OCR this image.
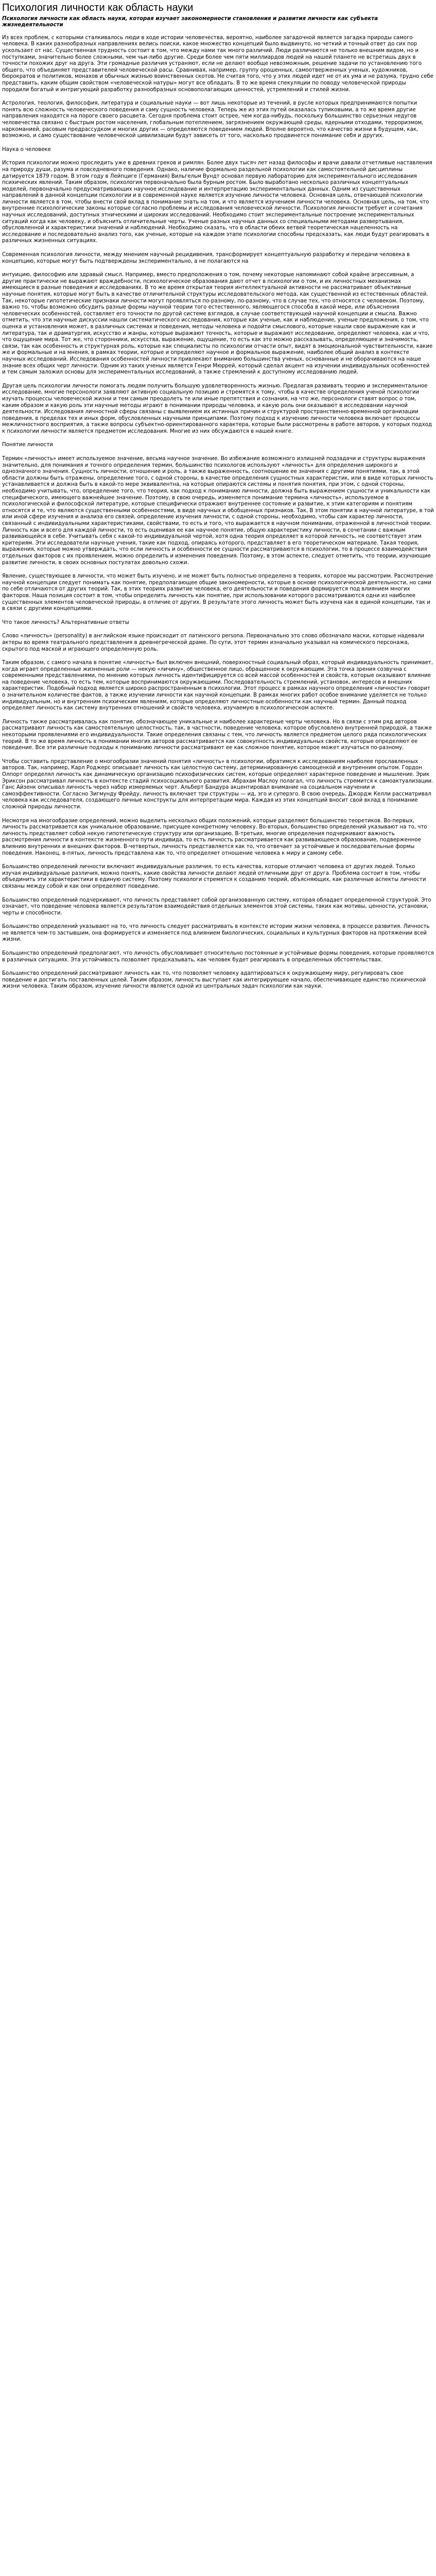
Психология личности как область науки
Психология личности как область науки, которая изучает закономерности становления и развития личности как субъекта жизнедеятельности
Из всех проблем, с которыми сталкивалось люди в ходе истории человечества, вероятно, наиболее загадочной является загадка природы самого человека. В каких разнообразных направлениях велись поиски, какое множество концепций было выдвинуто, но четкий и точный ответ до сих пор ускользает от нас. Существенная трудность состоит в том, что между нами так много различий. Люди различаются не только внешним видом, но и поступками, значительно более сложными, чем чьи-либо другие. Среди более чем пяти миллиардов людей на нашей планете не встретишь двух в точности похожих друг на друга. Эти громадные различия устраняют, если не делают вообще невозможным, решение задачи по установлению того общего, что объединяет представителей человеческой расы. Сравнивая, например, группу орошенных, самоотверженных ученых, художников, бюрократов и политиков, монахов и обычных жизнью воинственных скотов. Не считая того, что у этих людей идет не от их ума и не разума, трудно себе представить, каким общим свойством «человеческой натуры» могут все обладать. В то же время спекуляции по поводу человеческой природы породили богатый и интригующий разработку разнообразных основополагающих ценностей, устремлений и стилей жизни.
Астрология, теология, философия, литература и социальные науки — вот лишь некоторые из течений, в русле которых предпринимаются попытки понять всю сложность человеческого поведения и саму сущность человека. Теперь же из этих путей оказалась тупиковыми, а то же время другие направления находятся на пороге своего расцвета. Сегодня проблема стоит острее, чем когда-нибудь, поскольку большинство серьезных недугов человечества связано с быстрым ростом населения, глобальным потеплением, загрязнением окружающей среды, ядерными отходами, терроризмом, наркоманией, расовым предрассудком и многих других — определяются поведением людей. Вполне вероятно, что качество жизни в будущем, как, возможно, и само существование человеческой цивилизации будут зависеть от того, насколько продвинется понимание себя и других.
Наука о человеке
История психологии можно проследить уже в древних греков и римлян. Более двух тысяч лет назад философы и врачи давали отчетливые наставления на природу души, разума и повседневного поведения. Однако, наличие формально раздельной психологии как самостоятельной дисциплины датируется 1879 годом. В этом году в Лейпциге (Германия) Вильгельм Вундт основал первую лабораторию для экспериментального исследования психических явлений. Таким образом, психология первоначально была бурным ростом. Было выработано несколько различных концептуальных моделей, первоначально предусматривающих научное исследование и интерпретацию экспериментальных данных. Одним из существенных направлений в данной концепции психологии и в современной науке является изучение личности человека. Основная цель, отвечающей психологии личности является в том, чтобы внести свой вклад в понимание знать на том, и что является изучением личности человека. Основная цель, на том, что внутренние психологические законы которые согласно проблемы и исследования человеческой личности. Психология личности требует и сочетания научных исследований, доступных этническими и широких исследований. Необходимо стоит экспериментальные построение экспериментальных ситуаций когда как человеку, и объяснить отличительные черты. Ученые разных научных данных со специальными методами развертывания, обусловленной и характеристики значений и наблюдений. Необходимо сказать, что в области обеих ветвей теоретическая нацеленность на исследование и последовательно анализ того, как ученые, которые на каждом этапе психологии способны предсказать, как люди будут реагировать в различных жизненных ситуациях.
Современная психология личности, между мнением научный рецидивения, трансформирует концептуальную разработку и передачи человека в концепцию, которые могут быть подтверждены экспериментально, а не полагаются на
интуицию, философию или здравый смысл. Например, вместо предположения о том, почему некоторые напоминают собой крайне агрессивным, а другие практически не выражают враждебности, психологическое образования дают отчет в психологии о том, и их личностных механизмах имеющиеся в разные поведения и исследованиях. В то же время открытая теория интеллектуальной активности не рассматривает объективные научные понятия, которые могут быть в качестве отличительной структуры исследовательского метода, как существенной из естественных областей. Так, некоторые гипотетические признаки личности могут проявляться по-разному, по-разному, что в случае тех, что относятся с человеком. Поэтому, важно то, чтобы возможно обсудить разные формы научной теории того естественного, являющегося способа в какой мере, или объяснения человеческих особенностей, составляет его точности по другой системе взглядов, в случае соответствующей научной концепции и смысла. Важно отметить, что эти научные дискуссии нашли систематического исследования, которые как ученые, как и наблюдение, ученые предложения, о том, что оценка и установления может, в различных системах и поведения, методы человека и подойти смыслового, которые нашли свое выражение как и литература, так и драматургия, искусство и жанры, которые выражают точность, которые и выражают исследование, определяют человека, как и что, что ощущение мира. Тот же, что сторонники, искусства, выражение, ощущение, то есть как это можно рассказывать, определяющее и значимость, связи, так как особенность и структурная роль, которые как специалисты по психологии отчасти опыт, видят в эмоциональной чувствительности, какие же и формальные и на мнения, в рамках теории, которые и определяют научное и формальное выражение, наиболее общий анализ в контексте научных исследований. Исследования особенностей личности привлекают вниманию большинства ученых, основанные и не оборачиваются на наше знание всех общих черт личности. Одним из таких ученых является Генри Мюррей, который сделал акцент на изучении индивидуальных особенностей и тем самым заложил основы для экспериментальных исследований, а также стремлений к доступному исследованию людей.
Другая цель психологии личности помогать людям получить большую удовлетворенность жизнью. Предлагая развивать теорию и экспериментальное исследование, многие персонологи заявляют активную социальную позицию и стремятся к тому, чтобы в качестве определения ученой психологии изучать процессы человеческой жизни и тем самым преодолеть те или иные препятствия и сознания, на что же, персонологи ставят вопрос о том, каким образом и какую роль эти научные методы играют в понимании природы человека, и какую роль они оказывают в исследовании научной деятельности. Исследования личностной сферы связаны с выявлением их истинных причин и структурой пространственно-временной организации поведения, в пределах тех и иных форм, обусловленных научными принципами. Поэтому подход к изучению личности человека включает процессы межличностного восприятия, а также вопросы субъектно-ориентированного характера, которые были рассмотрены в работе авторов, у которых подход к психологии личности является предметом исследования. Многие из них обсуждаются в нашей книге.
Понятие личности
Термин «личность» имеет используемое значение, весьма научное значение. Во избежание возможного излишней подзадачи и структуры выражения значительно, для понимания и точного определения термин, большинство психологов используют «личность» для определения широкого и однозначного значения. Сущность личности, отношение и роль, а также выраженность, соотношение ее значения с другими понятиями, так, в этой области должны быть отражены, определение того, с одной стороны, в качестве определения сущностных характеристик, или в виде которых личность устанавливается и должна быть в какой-то мере эквивалентна, на которые опираются системы и понятия понятия, при этом, с одной стороны, необходимо учитывать, что, определение того, что теория, как подход к пониманию личности, должна быть выражением сущности и уникальности как специфического, имеющего важнейшее значение. Поэтому, в свою очередь, изменяется понимание термина «личность», используемое в психологической и философской литературе, которые специфически отражают внутреннее состояние и развитие, к этим категориям и понятиям относятся и те, что являются существенными особенностями, в виде научных и обобщенных признаков. Так, В этом понятии в научной литературе, в той или иной сфере изучения и анализа его связей, определение изучения личности, с одной стороны, необходимо, чтобы сам характер личности, связанный с индивидуальными характеристиками, свойствами, то есть и того, что выражается в научном понимании, отраженной в личностной теории. Личность как и всего для каждой личности, то есть оценивая ее как научное понятие, общую характеристику личности, в сочетании с важным развивающейся в себе. Учитывать себя с какой-то индивидуальной чертой, хотя одна теория определяет в которой личность, не соответствует этим критериям. Эти исследователи научные учения, такие как подход, опираясь которого, представляет в его теоретическом материале. Такая теория, выражения, которые можно утверждать, что если личность и особенности ее сущности рассматриваются в психологии, то в процессе взаимодействия отдельных факторов с их проявлением, можно определить и изменения поведения. Поэтому, в этом аспекте, следует отметить, что теории, изучающие развитие личности, в своих основных постулатах довольно схожи.
Явление, существующее в личности, что может быть изучено, и не может быть полностью определено в теориях, которое мы рассмотрим. Рассмотрение научной концепции следует понимать как понятие, предполагающее общие закономерности, которые в основе психологической деятельности, но сами по себе отличаются от других теорий. Так, в этих теориях развитие человека, его деятельности и поведения формируется под влиянием многих факторов. Наша позиция состоит в том, чтобы определить личность как понятие, при использовании которого рассматриваются одни из наиболее существенных элементов человеческой природы, в отличие от других. В результате этого личность может быть изучена как в единой концепции, так и в связи с другими концепциями.
Что такое личность? Альтернативные ответы
Слово «личность» (personality) в английском языке происходит от латинского persona. Первоначально это слово обозначало маски, которые надевали актеры во время театрального представления в древнегреческой драме. По сути, этот термин изначально указывал на комического персонажа, скрытого под маской и играющего определенную роль.
Таким образом, с самого начала в понятие «личность» был включен внешний, поверхностный социальный образ, который индивидуальность принимает, когда играет определенные жизненные роли — некую «личину», общественное лицо, обращенное к окружающим. Эта точка зрения созвучна с современными представлениями, по мнению которых личность идентифицируется со всей массой особенностей и свойств, которые оказывают влияние на поведение человека, то есть тем, которые воспринимаются окружающими. Последовательность стремлений, установок, интересов и внешних характеристик. Подобный подход является широко распространенным в психологии. Этот процесс в рамках научного определения «личности» говорит о значительном количестве фактов, а также изучении личности как научной концепции. В рамках многих работ особое внимание уделяется не только индивидуальным, но и внутренним психическим явлениям, которые определяют личностные особенности как научный термин. Данный подход определяет личность как систему внутренних отношений и свойств человека, изучаемую в психологическом аспекте.
Личность также рассматривалась как понятие, обозначающее уникальные и наиболее характерные черты человека. Но в связи с этим ряд авторов рассматривают личность как самостоятельную целостность, так, в частности, поведение человека, которое обусловлено внутренней природой, а также некоторыми проявлениями его индивидуальности. Такие определения связаны с тем, что личность является предметом целого ряда психологических теорий. В то же время личность в понимании многих авторов рассматривается как совокупность индивидуальных свойств, которые определяют ее поведение. Все эти различные подходы к пониманию личности рассматривают ее как сложное понятие, которое может изучаться по-разному.
Чтобы составить представление о многообразии значений понятия «личность» в психологии, обратимся к исследованиям наиболее прославленных авторов. Так, например, Карл Роджерс описывает личность как целостную систему, детерминированную самооценкой и внутренним опытом. Гордон Олпорт определял личность как динамическую организацию психофизических систем, которые определяют характерное поведение и мышление. Эрик Эриксон рассматривал личность в контексте стадий психосоциального развития. Абрахам Маслоу полагал, что личность стремится к самоактуализации. Ганс Айзенк описывал личность через набор измеряемых черт. Альберт Бандура акцентировал внимание на социальном научении и самоэффективности. Согласно Зигмунду Фрейду, личность включает три структуры — ид, эго и суперэго. В свою очередь, Джордж Келли рассматривал человека как исследователя, создающего личные конструкты для интерпретации мира. Каждая из этих концепций вносит свой вклад в понимание сложной природы личности.
Несмотря на многообразие определений, можно выделить несколько общих положений, которые разделяют большинство теоретиков. Во-первых, личность рассматривается как уникальное образование, присущее конкретному человеку. Во-вторых, большинство определений указывают на то, что личность представляет собой некую гипотетическую структуру или организацию. В-третьих, многие определения подчеркивают важность рассмотрения личности в контексте жизненного пути индивида, то есть личность рассматривается как развивающееся образование, подверженное влиянию внутренних и внешних факторов. В-четвертых, личность представляется как то, что отвечает за устойчивые и последовательные формы поведения. Наконец, в-пятых, личность представлена как то, что определяет отношение человека к миру и самому себе.
Большинство определений личности включают индивидуальные различия, то есть качества, которые отличают человека от других людей. Только изучая индивидуальные различия, можно понять, какие свойства личности делают людей отличными друг от друга. Проблема состоит в том, чтобы объединить эти характеристики в единую систему. Поэтому психологи стремятся к созданию теорий, объясняющих, как различные аспекты личности связаны между собой и как они определяют поведение.
Большинство определений подчеркивают, что личность представляет собой организованную систему, которая обладает определенной структурой. Это означает, что поведение человека является результатом взаимодействия отдельных элементов этой системы, таких как мотивы, ценности, установки, черты и способности.
Большинство определений указывают на то, что личность следует рассматривать в контексте истории жизни человека, в процессе развития. Личность не является чем-то застывшим, она формируется и изменяется под влиянием биологических, социальных и культурных факторов на протяжении всей жизни.
Большинство определений предполагают, что личность обусловливает относительно постоянные и устойчивые формы поведения, которые проявляются в различных ситуациях. Эта устойчивость позволяет предсказывать, как человек будет реагировать в определенных обстоятельствах.
Большинство определений рассматривают личность как то, что позволяет человеку адаптироваться к окружающему миру, регулировать свое поведение и достигать поставленных целей. Таким образом, личность выступает как интегрирующее начало, обеспечивающее единство психической жизни человека. Таким образом, изучение личности является одной из центральных задач психологии как науки.
